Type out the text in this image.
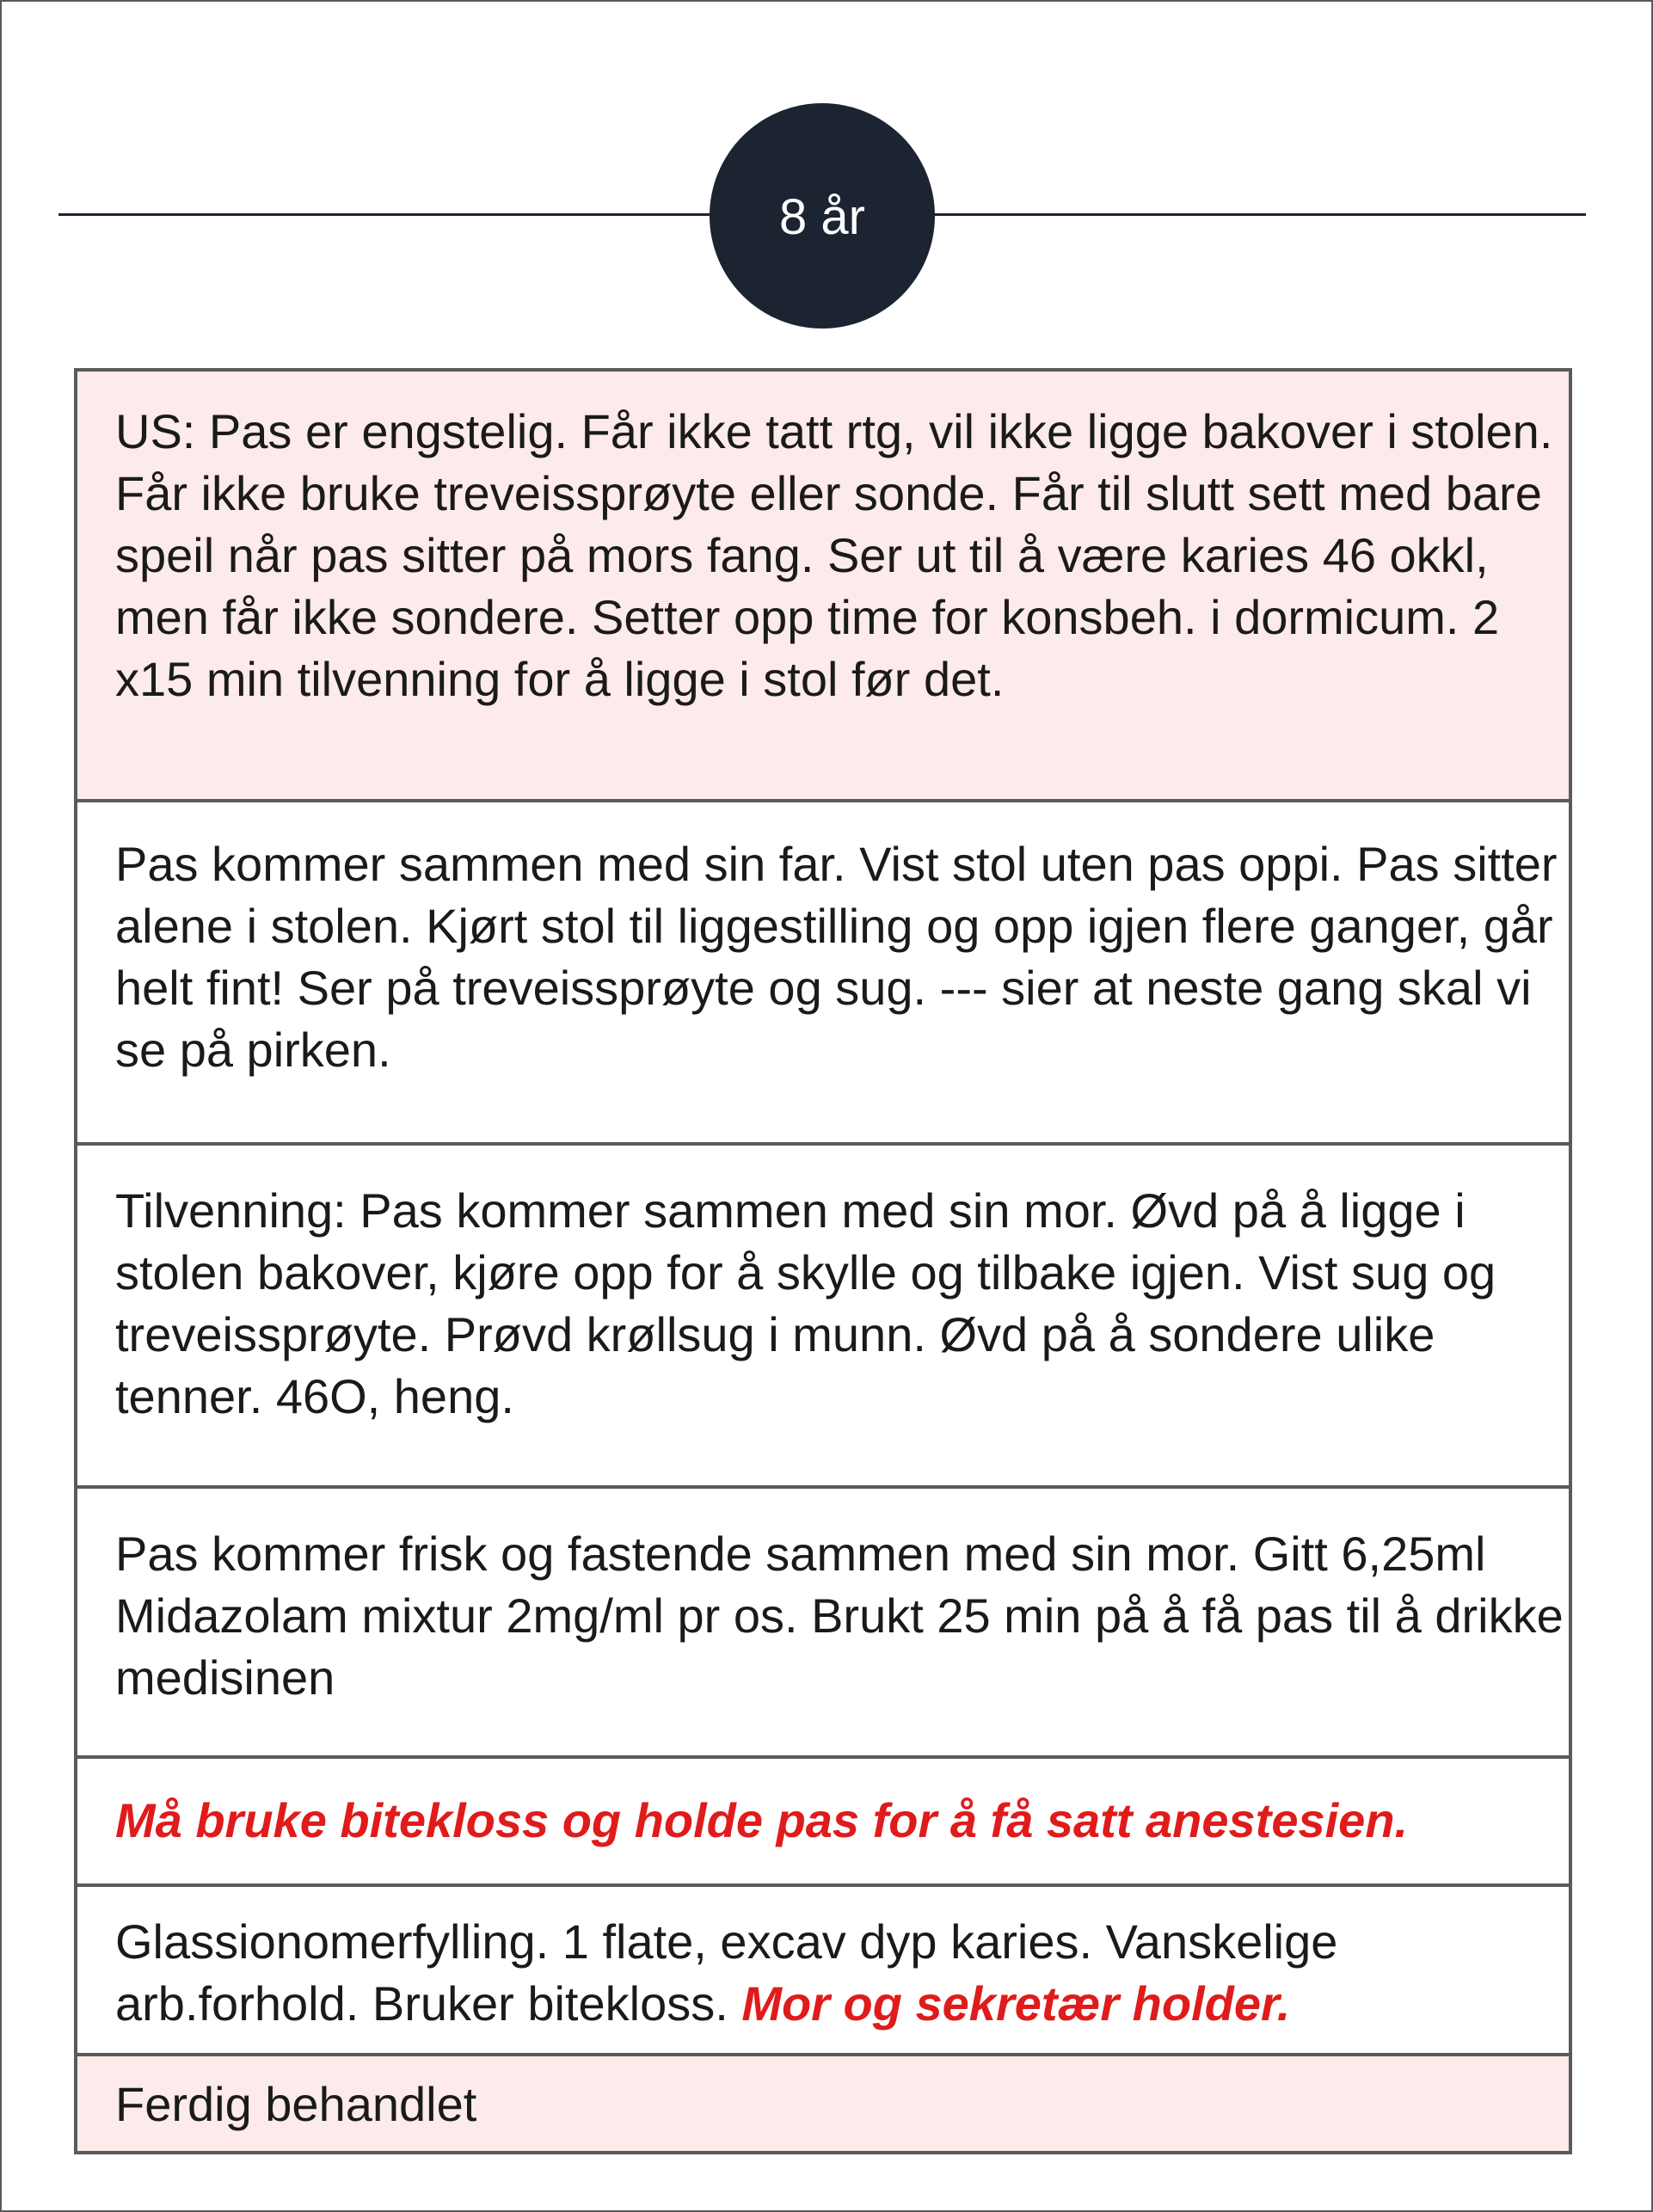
8 år
US: Pas er engstelig. Får ikke tatt rtg, vil ikke ligge bakover i stolen. Får ikke bruke treveissprøyte eller sonde. Får til slutt sett med bare speil når pas sitter på mors fang. Ser ut til å være karies 46 okkl, men får ikke sondere. Setter opp time for konsbeh. i dormicum. 2 x15 min tilvenning for å ligge i stol før det.
Pas kommer sammen med sin far. Vist stol uten pas oppi. Pas sitter alene i stolen. Kjørt stol til liggestilling og opp igjen flere ganger, går helt fint! Ser på treveissprøyte og sug. --- sier at neste gang skal vi se på pirken.
Tilvenning: Pas kommer sammen med sin mor. Øvd på å ligge i stolen bakover, kjøre opp for å skylle og tilbake igjen. Vist sug og treveissprøyte. Prøvd krøllsug i munn. Øvd på å sondere ulike tenner. 46O, heng.
Pas kommer frisk og fastende sammen med sin mor. Gitt 6,25ml Midazolam mixtur 2mg/ml pr os. Brukt 25 min på å få pas til å drikke medisinen
Må bruke bitekloss og holde pas for å få satt anestesien.
Glassionomerfylling. 1 flate, excav dyp karies. Vanskelige arb.forhold. Bruker bitekloss. Mor og sekretær holder.
Ferdig behandlet
